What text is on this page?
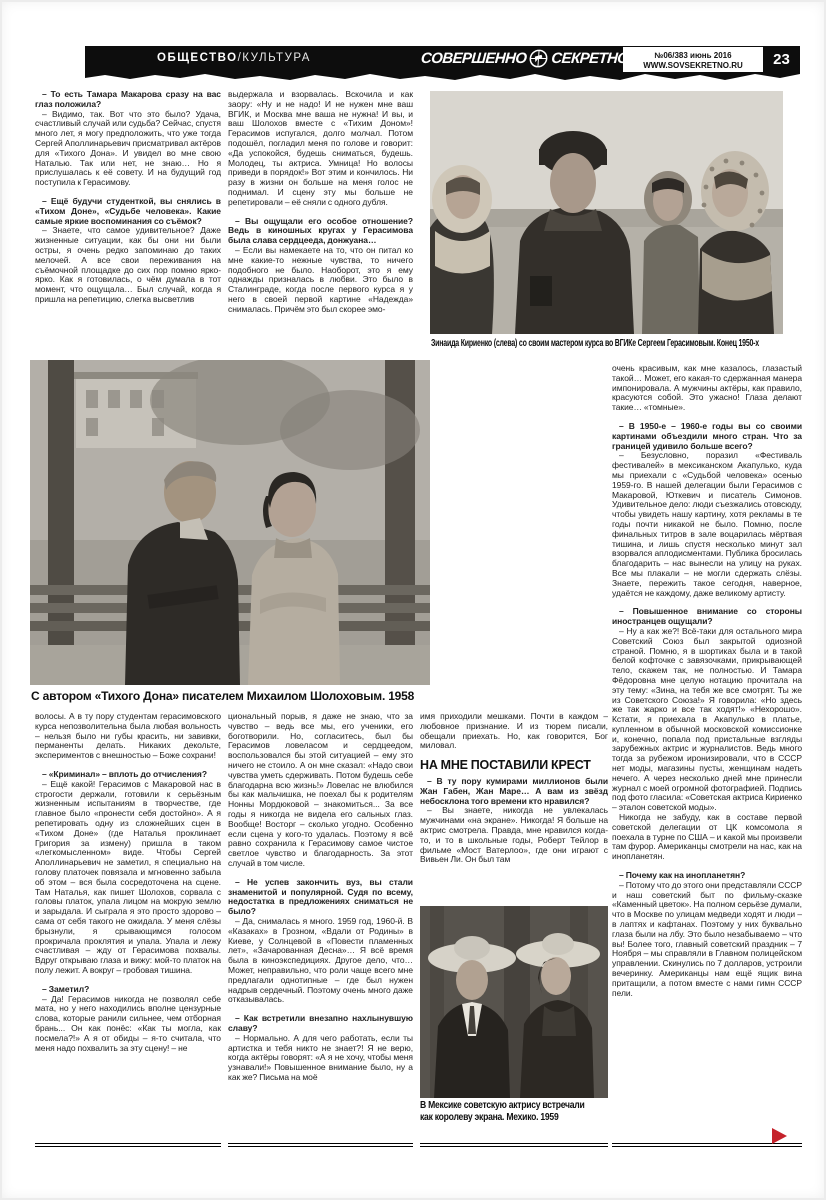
ОБЩЕСТВО/КУЛЬТУРА	СОВЕРШЕННО СЕКРЕТНО	№06/383 июнь 2016
WWW.SOVSEKRETNO.RU	23

– То есть Тамара Макарова сразу на вас глаз положила?

– Видимо, так. Вот что это было? Удача, счастливый случай или судьба? Сейчас, спустя много лет, я могу предположить, что уже тогда Сергей Аполлинарьевич присматривал актёров для «Тихого Дона». И увидел во мне свою Наталью. Так или нет, не знаю… Но я прислушалась к её совету. И на будущий год поступила к Герасимову.

– Ещё будучи студенткой, вы снялись в «Тихом Доне», «Судьбе человека». Какие самые яркие воспоминания со съёмок?

– Знаете, что самое удивительное? Даже жизненные ситуации, как бы они ни были остры, я очень редко запоминаю до таких мелочей. А все свои переживания на съёмочной площадке до сих пор помню ярко-ярко. Как я готовилась, о чём думала в тот момент, что ощущала… Был случай, когда я пришла на репетицию, слегка высветлив

выдержала и взорвалась. Вскочила и как заору: «Ну и не надо! И не нужен мне ваш ВГИК, и Москва мне ваша не нужна! И вы, и ваш Шолохов вместе с «Тихим Доном»! Герасимов испугался, долго молчал. Потом подошёл, погладил меня по голове и говорит: «Да успокойся, будешь сниматься, будешь. Молодец, ты актриса. Умница! Но волосы приведи в порядок!» Вот этим и кончилось. Ни разу в жизни он больше на меня голос не поднимал. И сцену эту мы больше не репетировали – её сняли с одного дубля.

– Вы ощущали его особое отношение? Ведь в киношных кругах у Герасимова была слава сердцееда, донжуана…

– Если вы намекаете на то, что он питал ко мне какие-то нежные чувства, то ничего подобного не было. Наоборот, это я ему однажды призналась в любви. Это было в Сталинграде, когда после первого курса я у него в своей первой картине «Надежда» снималась. Причём это был скорее эмо-

Зинаида Кириенко (слева) со своим мастером курса во ВГИКе Сергеем Герасимовым. Конец 1950-х
С автором «Тихого Дона» писателем Михаилом Шолоховым. 1958

волосы. А в ту пору студентам герасимовского курса непозволительна была любая вольность – нельзя было ни губы красить, ни завивки, перманенты делать. Никаких декольте, экспериментов с внешностью – Боже сохрани!

– «Криминал» – вплоть до отчисления?

– Ещё какой! Герасимов с Макаровой нас в строгости держали, готовили к серьёзным жизненным испытаниям в творчестве, где главное было «пронести себя достойно». А я репетировать одну из сложнейших сцен в «Тихом Доне» (где Наталья проклинает Григория за измену) пришла в таком «легкомысленном» виде. Чтобы Сергей Аполлинарьевич не заметил, я специально на голову платочек повязала и мгновенно забыла об этом – вся была сосредоточена на сцене. Там Наталья, как пишет Шолохов, сорвала с головы платок, упала лицом на мокрую землю и зарыдала. И сыграла я это просто здорово – сама от себя такого не ожидала. У меня слёзы брызнули, я срывающимся голосом прокричала проклятия и упала. Упала и лежу счастливая – жду от Герасимова похвалы. Вдруг открываю глаза и вижу: мой-то платок на полу лежит. А вокруг – гробовая тишина.

– Заметил?

– Да! Герасимов никогда не позволял себе мата, но у него находились вполне цензурные слова, которые ранили сильнее, чем отборная брань... Он как понёс: «Как ты могла, как посмела?!» А я от обиды – я-то считала, что меня надо похвалить за эту сцену! – не

циональный порыв, я даже не знаю, что за чувство – ведь все мы, его ученики, его боготворили. Но, согласитесь, был бы Герасимов ловеласом и сердцеедом, воспользовался бы этой ситуацией – ему это ничего не стоило. А он мне сказал: «Надо свои чувства уметь сдерживать. Потом будешь себе благодарна всю жизнь!» Ловелас не влюбился бы как мальчишка, не поехал бы к родителям Нонны Мордюковой – знакомиться... За все годы я никогда не видела его сальных глаз. Вообще! Восторг – сколько угодно. Особенно если сцена у кого-то удалась. Поэтому я всё равно сохранила к Герасимову самое чистое светлое чувство и благодарность. За этот случай в том числе.

– Не успев закончить вуз, вы стали знаменитой и популярной. Судя по всему, недостатка в предложениях сниматься не было?

– Да, снималась я много. 1959 год, 1960-й. В «Казаках» в Грозном, «Вдали от Родины» в Киеве, у Солнцевой в «Повести пламенных лет», «Зачарованная Десна»… Я всё время была в киноэкспедициях. Другое дело, что… Может, неправильно, что роли чаще всего мне предлагали однотипные – где был нужен надрыв сердечный. Поэтому очень много даже отказывалась.

– Как встретили внезапно нахлынувшую славу?

– Нормально. А для чего работать, если ты артистка и тебя никто не знает?! Я не верю, когда актёры говорят: «А я не хочу, чтобы меня узнавали!» Повышенное внимание было, ну а как же? Письма на моё

имя приходили мешками. Почти в каждом – любовное признание. И из тюрем писали, обещали приехать. Но, как говорится, Бог миловал.

НА МНЕ ПОСТАВИЛИ КРЕСТ

– В ту пору кумирами миллионов были Жан Габен, Жан Маре… А вам из звёзд небосклона того времени кто нравился?

– Вы знаете, никогда не увлекалась мужчинами «на экране». Никогда! Я больше на актрис смотрела. Правда, мне нравился когда-то, и то в школьные годы, Роберт Тейлор в фильме «Мост Ватерлоо», где они играют с Вивьен Ли. Он был там

очень красивым, как мне казалось, глазастый такой… Может, его какая-то сдержанная манера импонировала. А мужчины актёры, как правило, красуются собой. Это ужасно! Глаза делают такие… «томные».

– В 1950-е – 1960-е годы вы со своими картинами объездили много стран. Что за границей удивило больше всего?

– Безусловно, поразил «Фестиваль фестивалей» в мексиканском Акапулько, куда мы приехали с «Судьбой человека» осенью 1959-го. В нашей делегации были Герасимов с Макаровой, Юткевич и писатель Симонов. Удивительное дело: люди съезжались отовсюду, чтобы увидеть нашу картину, хотя рекламы в те годы почти никакой не было. Помню, после финальных титров в зале воцарилась мёртвая тишина, и лишь спустя несколько минут зал взорвался аплодисментами. Публика бросилась благодарить – нас вынесли на улицу на руках. Все мы плакали – не могли сдержать слёзы. Знаете, пережить такое сегодня, наверное, удаётся не каждому, даже великому артисту.

– Повышенное внимание со стороны иностранцев ощущали?

– Ну а как же?! Всё-таки для остального мира Советский Союз был закрытой одиозной страной. Помню, я в шортиках была и в такой белой кофточке с завязочками, прикрывающей тело, скажем так, не полностью. И Тамара Фёдоровна мне целую нотацию прочитала на эту тему: «Зина, на тебя же все смотрят. Ты же из Советского Союза!» Я говорила: «Но здесь же так жарко и все так ходят!» «Нехорошо». Кстати, я приехала в Акапулько в платье, купленном в обычной московской комиссионке и, конечно, попала под пристальные взгляды зарубежных актрис и журналистов. Ведь много тогда за рубежом иронизировали, что в СССР нет моды, магазины пусты, женщинам надеть нечего. А через несколько дней мне принесли журнал с моей огромной фотографией. Подпись под фото гласила: «Советская актриса Кириенко – эталон советской моды».

Никогда не забуду, как в составе первой советской делегации от ЦК комсомола я поехала в турне по США – и какой мы произвели там фурор. Американцы смотрели на нас, как на инопланетян.

– Почему как на инопланетян?

– Потому что до этого они представляли СССР и наш советский быт по фильму-сказке «Каменный цветок». На полном серьёзе думали, что в Москве по улицам медведи ходят и люди – в лаптях и кафтанах. Поэтому у них буквально глаза были на лбу. Это было незабываемо – что вы! Более того, главный советский праздник – 7 Ноября – мы справляли в Главном полицейском управлении. Скинулись по 7 долларов, устроили вечеринку. Американцы нам ещё ящик вина притащили, а потом вместе с нами гимн СССР пели.

В Мексике советскую актрису встречали как королеву экрана. Мехико. 1959
